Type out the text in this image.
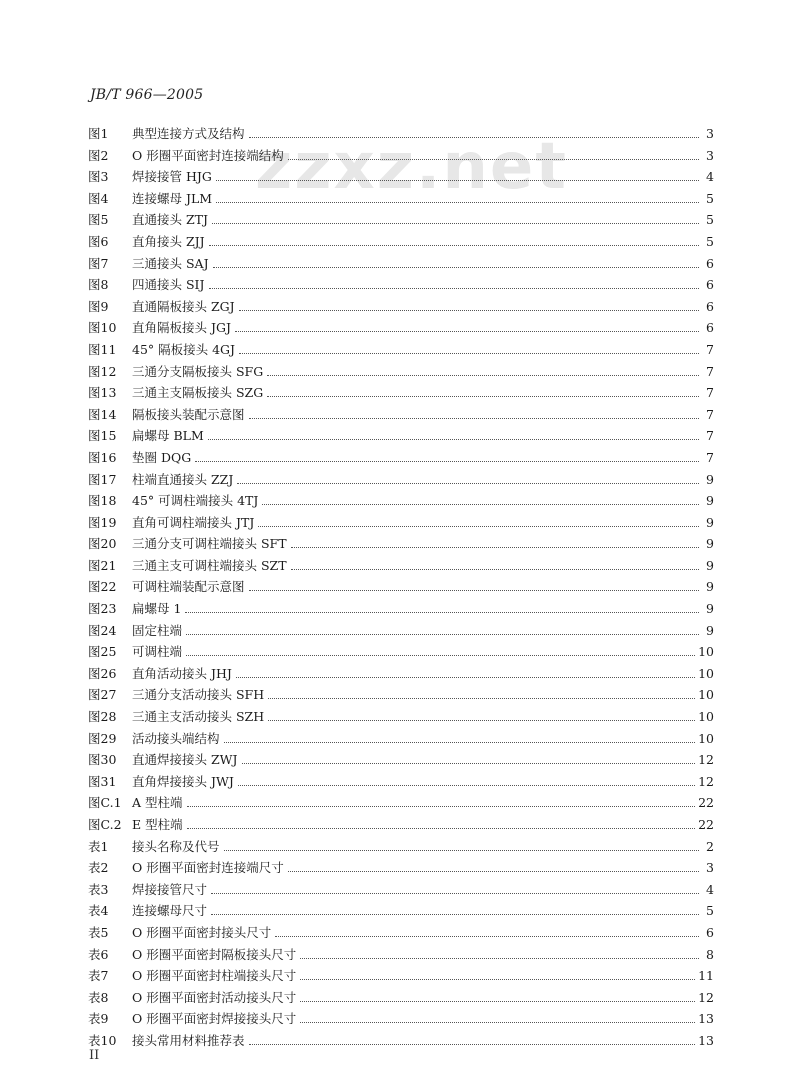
JB/T 966—2005
zzxz.net
图1	典型连接方式及结构	3
图2	O 形圈平面密封连接端结构	3
图3	焊接接管 HJG	4
图4	连接螺母 JLM	5
图5	直通接头 ZTJ	5
图6	直角接头 ZJJ	5
图7	三通接头 SAJ	6
图8	四通接头 SIJ	6
图9	直通隔板接头 ZGJ	6
图10	直角隔板接头 JGJ	6
图11	45° 隔板接头 4GJ	7
图12	三通分支隔板接头 SFG	7
图13	三通主支隔板接头 SZG	7
图14	隔板接头装配示意图	7
图15	扁螺母 BLM	7
图16	垫圈 DQG	7
图17	柱端直通接头 ZZJ	9
图18	45° 可调柱端接头 4TJ	9
图19	直角可调柱端接头 JTJ	9
图20	三通分支可调柱端接头 SFT	9
图21	三通主支可调柱端接头 SZT	9
图22	可调柱端装配示意图	9
图23	扁螺母 1	9
图24	固定柱端	9
图25	可调柱端	10
图26	直角活动接头 JHJ	10
图27	三通分支活动接头 SFH	10
图28	三通主支活动接头 SZH	10
图29	活动接头端结构	10
图30	直通焊接接头 ZWJ	12
图31	直角焊接接头 JWJ	12
图C.1 A 型柱端	22
图C.2 E 型柱端	22
表1	接头名称及代号	2
表2	O 形圈平面密封连接端尺寸	3
表3	焊接接管尺寸	4
表4	连接螺母尺寸	5
表5	O 形圈平面密封接头尺寸	6
表6	O 形圈平面密封隔板接头尺寸	8
表7	O 形圈平面密封柱端接头尺寸	11
表8	O 形圈平面密封活动接头尺寸	12
表9	O 形圈平面密封焊接接头尺寸	13
表10	接头常用材料推荐表	13
II
